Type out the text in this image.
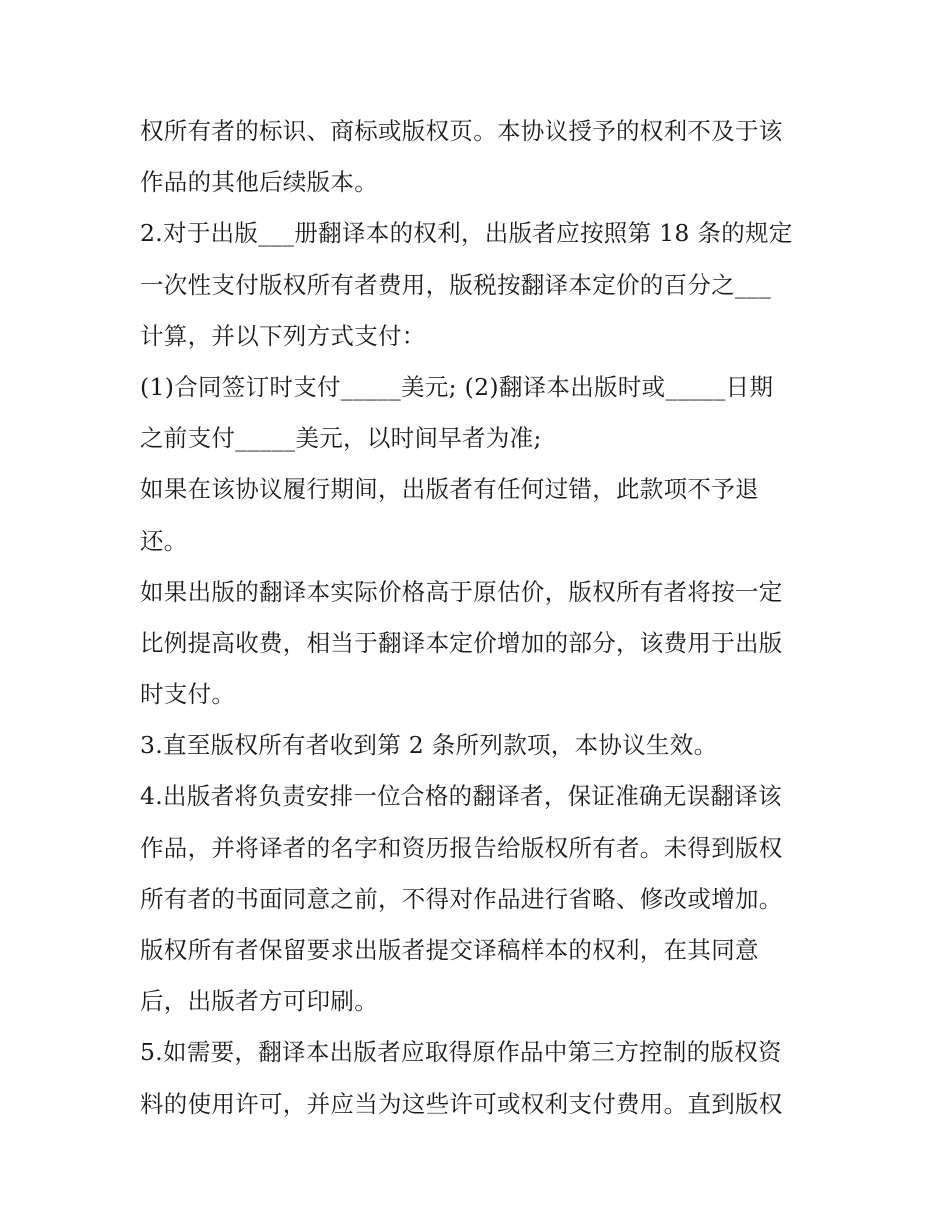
权所有者的标识、商标或版权页。本协议授予的权利不及于该
作品的其他后续版本。
2.对于出版___册翻译本的权利，出版者应按照第 18 条的规定
一次性支付版权所有者费用，版税按翻译本定价的百分之___
计算，并以下列方式支付：
(1)合同签订时支付_____美元; (2)翻译本出版时或_____日期
之前支付_____美元，以时间早者为准;
如果在该协议履行期间，出版者有任何过错，此款项不予退
还。
如果出版的翻译本实际价格高于原估价，版权所有者将按一定
比例提高收费，相当于翻译本定价增加的部分，该费用于出版
时支付。
3.直至版权所有者收到第 2 条所列款项，本协议生效。
4.出版者将负责安排一位合格的翻译者，保证准确无误翻译该
作品，并将译者的名字和资历报告给版权所有者。未得到版权
所有者的书面同意之前，不得对作品进行省略、修改或增加。
版权所有者保留要求出版者提交译稿样本的权利，在其同意
后，出版者方可印刷。
5.如需要，翻译本出版者应取得原作品中第三方控制的版权资
料的使用许可，并应当为这些许可或权利支付费用。直到版权
